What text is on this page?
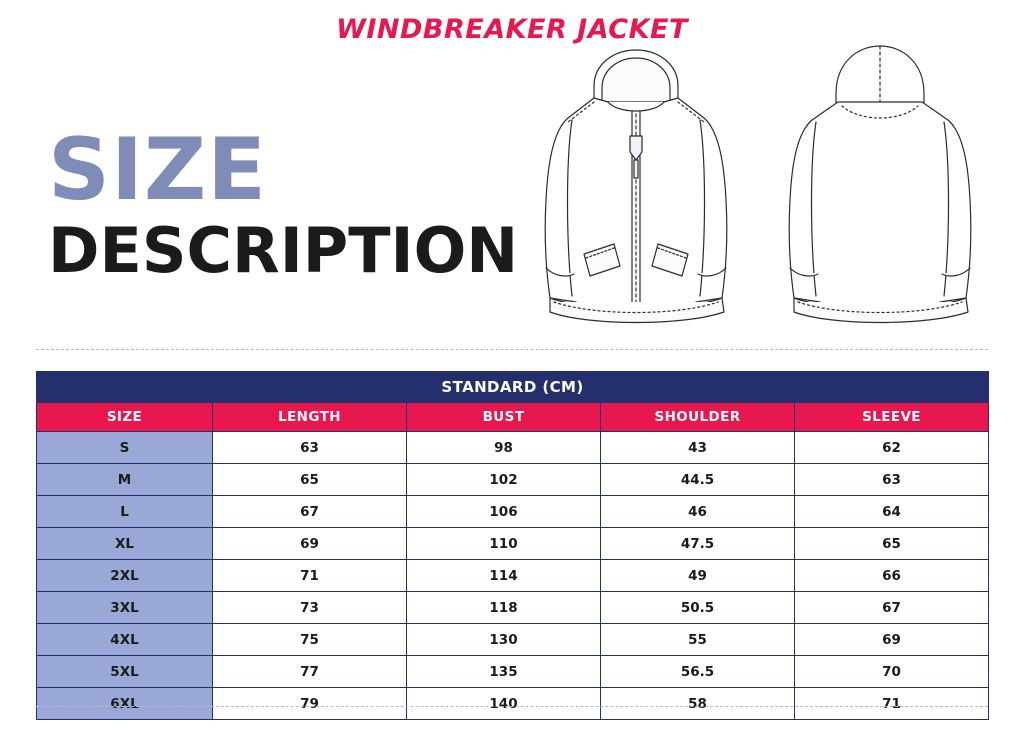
WINDBREAKER JACKET
SIZE
DESCRIPTION
STANDARD (CM)				
SIZE	LENGTH	BUST	SHOULDER	SLEEVE
S	63	98	43	62
M	65	102	44.5	63
L	67	106	46	64
XL	69	110	47.5	65
2XL	71	114	49	66
3XL	73	118	50.5	67
4XL	75	130	55	69
5XL	77	135	56.5	70
6XL	79	140	58	71
